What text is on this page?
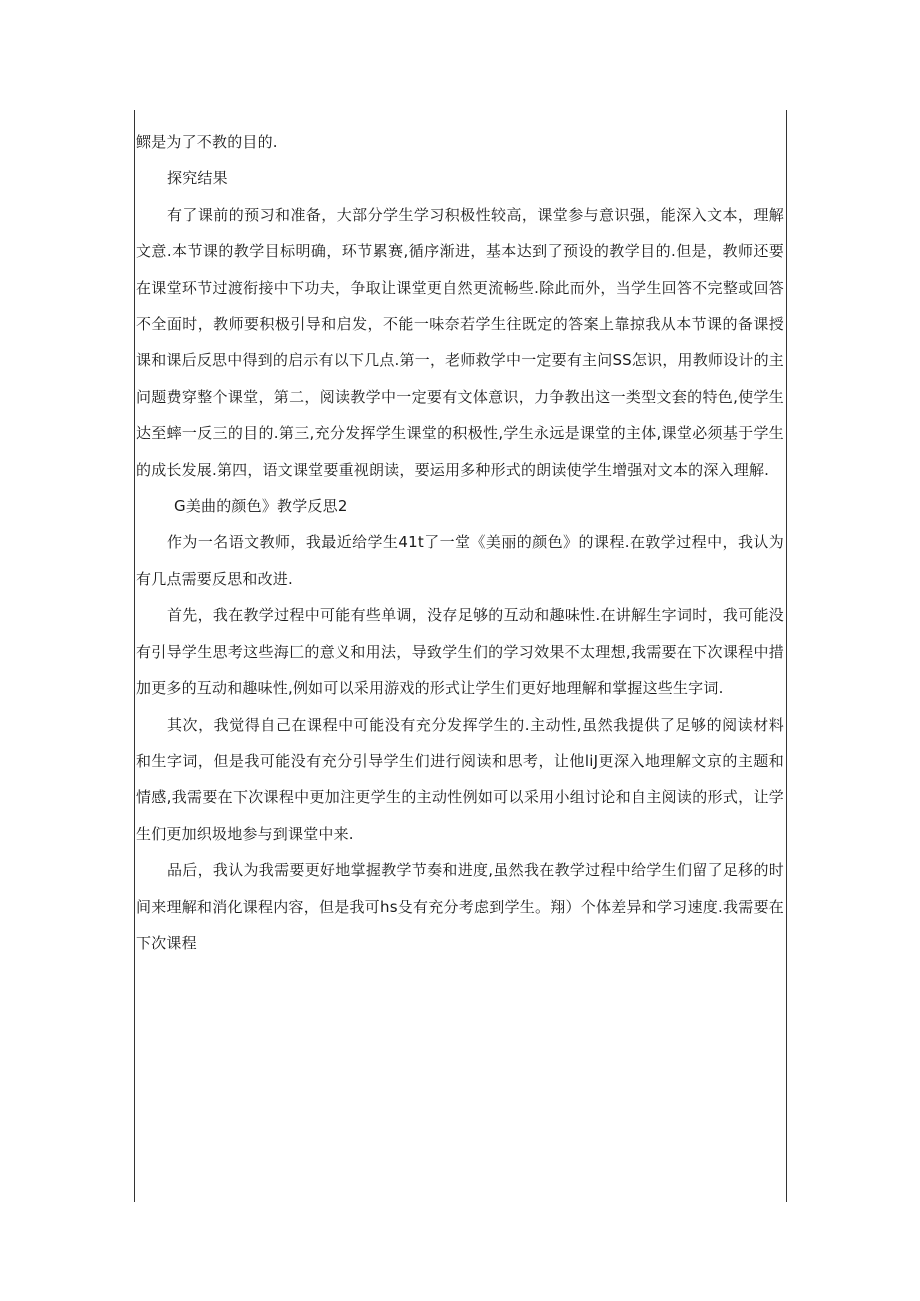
鳏是为了不教的目的.

探究结果

有了课前的预习和准备，大部分学生学习积极性较高，课堂参与意识强，能深入文本，理解文意.本节课的教学目标明确，环节累赛,循序渐进，基本达到了预设的教学目的.但是，教师还要在课堂环节过渡衔接中下功夫，争取让课堂更自然更流畅些.除此而外，当学生回答不完整或回答不全面时，教师要积极引导和启发，不能一味奈若学生往既定的答案上靠掠我从本节课的备课授课和课后反思中得到的启示有以下几点.第一，老师救学中一定要有主问SS怎识，用教师设计的主问题费穿整个课堂，第二，阅读教学中一定要有文体意识，力争教出这一类型文套的特色,使学生达至蟀一反三的目的.第三,充分发挥学生课堂的积极性,学生永远是课堂的主体,课堂必须基于学生的成长发展.第四，语文课堂要重视朗读，要运用多种形式的朗读使学生增强对文本的深入理解.

G美曲的颜色》教学反思2

作为一名语文教师，我最近给学生41t了一堂《美丽的颜色》的课程.在敦学过程中，我认为有几点需要反思和改进.

首先，我在教学过程中可能有些单调，没存足够的互动和趣味性.在讲解生字词时，我可能没有引导学生思考这些海匚的意义和用法，导致学生们的学习效果不太理想,我需要在下次课程中措加更多的互动和趣味性,例如可以采用游戏的形式让学生们更好地理解和掌握这些生字词.

其次，我觉得自己在课程中可能没有充分发挥学生的.主动性,虽然我提供了足够的阅读材料和生字词，但是我可能没有充分引导学生们进行阅读和思考，让他liJ更深入地理解文京的主题和情感,我需要在下次课程中更加注更学生的主动性例如可以采用小组讨论和自主阅读的形式，让学生们更加织圾地参与到课堂中来.

品后，我认为我需要更好地掌握教学节奏和进度,虽然我在教学过程中给学生们留了足移的时间来理解和消化课程内容，但是我可hs殳有充分考虑到学生。翔）个体差异和学习速度.我需要在下次课程
